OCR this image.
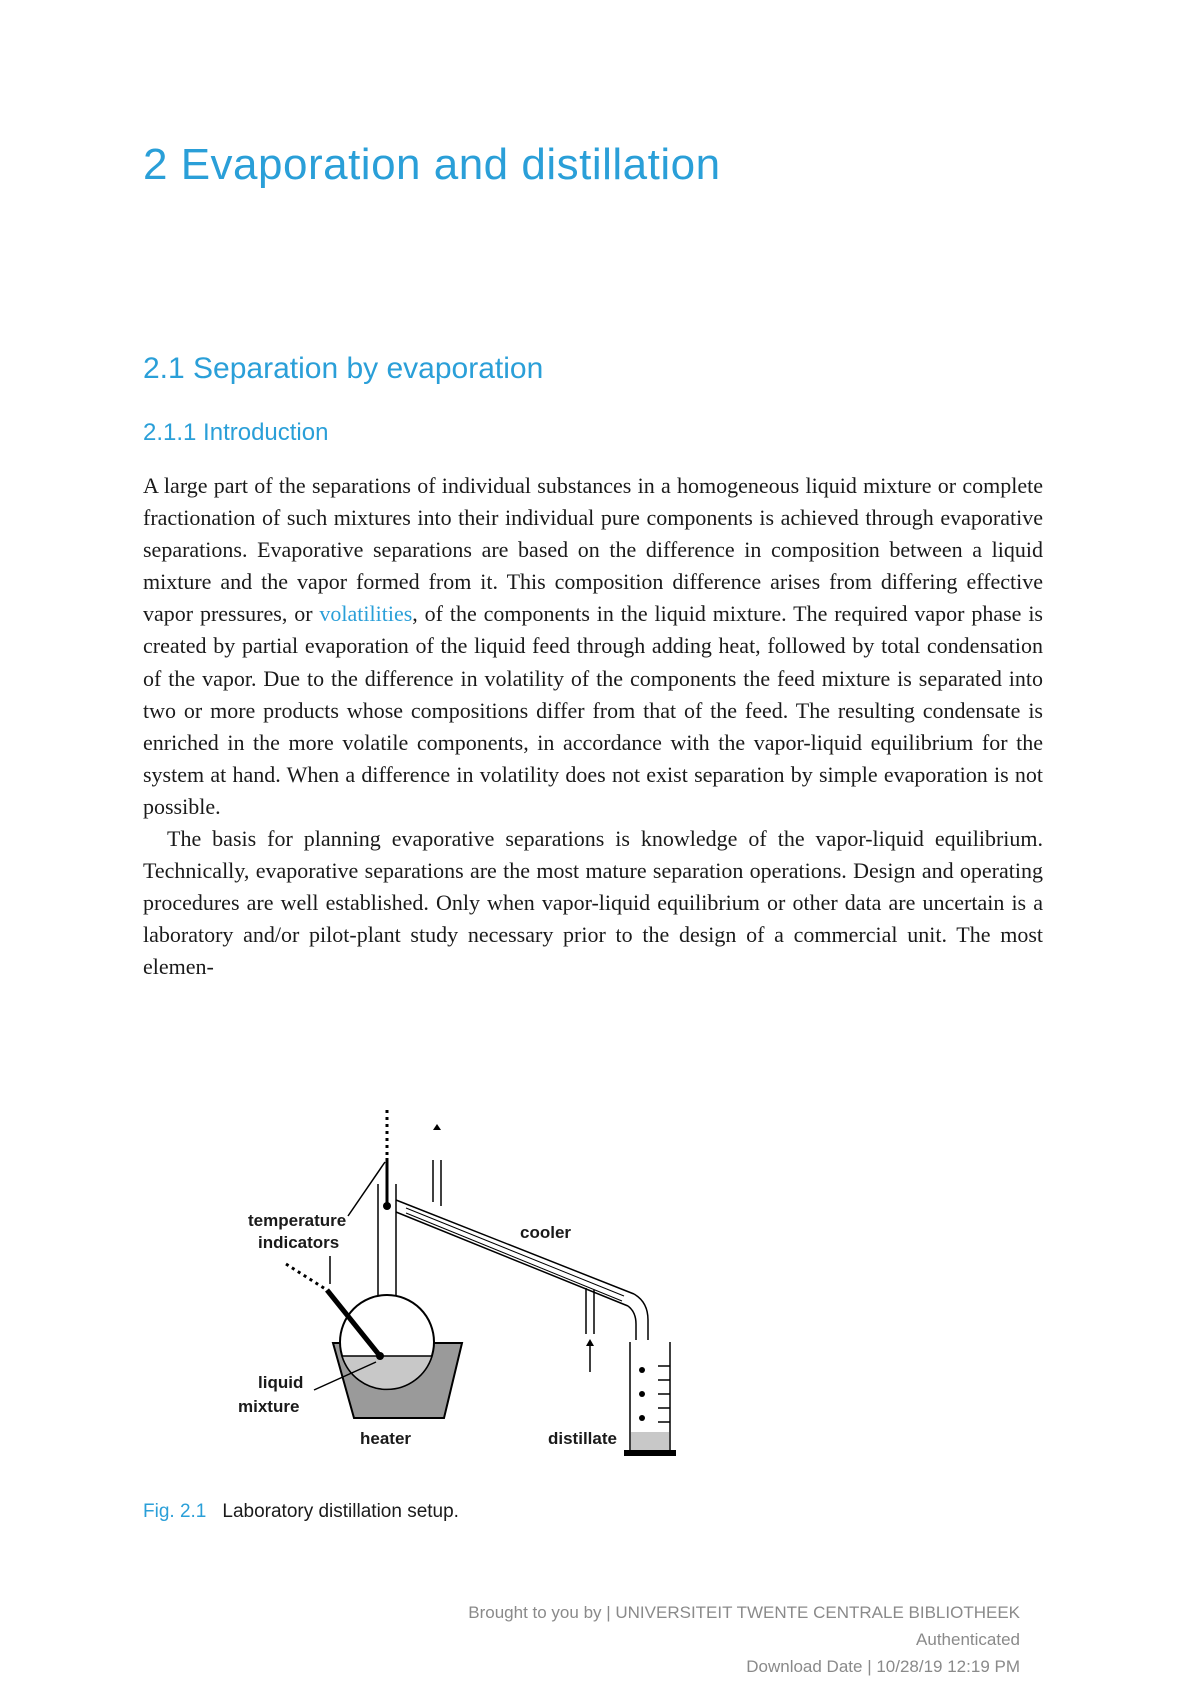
2 Evaporation and distillation
2.1 Separation by evaporation
2.1.1 Introduction

A large part of the separations of individual substances in a homogeneous liquid mixture or complete fractionation of such mixtures into their individual pure components is achieved through evaporative separations. Evaporative separations are based on the difference in composition between a liquid mixture and the vapor formed from it. This composition difference arises from differing effective vapor pressures, or volatilities, of the components in the liquid mixture. The required vapor phase is created by partial evaporation of the liquid feed through adding heat, followed by total condensation of the vapor. Due to the difference in volatility of the components the feed mixture is separated into two or more products whose compositions differ from that of the feed. The resulting condensate is enriched in the more volatile components, in accordance with the vapor-liquid equilibrium for the system at hand. When a difference in volatility does not exist separation by simple evaporation is not possible.

The basis for planning evaporative separations is knowledge of the vapor-liquid equilibrium. Technically, evaporative separations are the most mature separation operations. Design and operating procedures are well established. Only when vapor-liquid equilibrium or other data are uncertain is a laboratory and/or pilot-plant study necessary prior to the design of a commercial unit. The most elemen-

temperature
indicators
cooler
liquid
mixture
heater	distillate
Fig. 2.1 Laboratory distillation setup.
Brought to you by | UNIVERSITEIT TWENTE CENTRALE BIBLIOTHEEK
Authenticated
Download Date | 10/28/19 12:19 PM
